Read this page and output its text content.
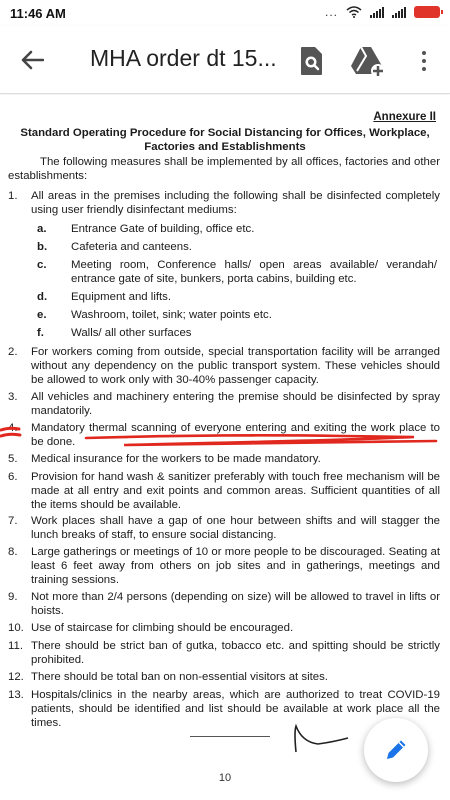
11:46 AM	...
MHA order dt 15...
Annexure II
Standard Operating Procedure for Social Distancing for Offices, Workplace, Factories and Establishments
The following measures shall be implemented by all offices, factories and other establishments:
1. All areas in the premises including the following shall be disinfected completely using user friendly disinfectant mediums:
a. Entrance Gate of building, office etc.
b. Cafeteria and canteens.
c. Meeting room, Conference halls/ open areas available/ verandah/ entrance gate of site, bunkers, porta cabins, building etc.
d. Equipment and lifts.
e. Washroom, toilet, sink; water points etc.
f. Walls/ all other surfaces
2. For workers coming from outside, special transportation facility will be arranged without any dependency on the public transport system. These vehicles should be allowed to work only with 30-40% passenger capacity.
3. All vehicles and machinery entering the premise should be disinfected by spray mandatorily.
4. Mandatory thermal scanning of everyone entering and exiting the work place to be done.
5. Medical insurance for the workers to be made mandatory.
6. Provision for hand wash & sanitizer preferably with touch free mechanism will be made at all entry and exit points and common areas. Sufficient quantities of all the items should be available.
7. Work places shall have a gap of one hour between shifts and will stagger the lunch breaks of staff, to ensure social distancing.
8. Large gatherings or meetings of 10 or more people to be discouraged. Seating at least 6 feet away from others on job sites and in gatherings, meetings and training sessions.
9. Not more than 2/4 persons (depending on size) will be allowed to travel in lifts or hoists.
10. Use of staircase for climbing should be encouraged.
11. There should be strict ban of gutka, tobacco etc. and spitting should be strictly prohibited.
12. There should be total ban on non-essential visitors at sites.
13. Hospitals/clinics in the nearby areas, which are authorized to treat COVID-19 patients, should be identified and list should be available at work place all the times.
10
